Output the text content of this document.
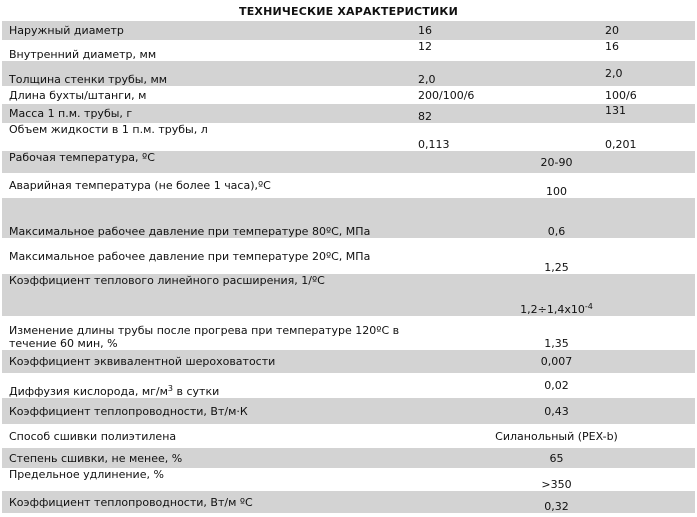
ТЕХНИЧЕСКИЕ ХАРАКТЕРИСТИКИ		
Наружный диаметр	16	20
Внутренний диаметр, мм	12	16
Толщина стенки трубы, мм	2,0	2,0
Длина бухты/штанги, м	200/100/6	100/6
Масса 1 п.м. трубы, г	82	131
Объем жидкости в 1 п.м. трубы, л	0,113	0,201
Рабочая температура, ºС	20-90	
Аварийная температура (не более 1 часа),ºС	100	
Максимальное рабочее давление при температуре 80ºС, МПа	0,6	
Максимальное рабочее давление при температуре 20ºС, МПа	1,25	
Коэффициент теплового линейного расширения, 1/ºС	$1,2\div 1,4x10^{-4}$
Изменение длины трубы после прогрева при температуре 120ºС в течение 60 мин, %	1,35	
Коэффициент эквивалентной шероховатости	0,007	
Диффузия кислорода, $мг/м^3$ в сутки	0,02	
Коэффициент теплопроводности, Вт/м·К	0,43	
Способ сшивки полиэтилена	Силанольный (PEX-b)	
Степень сшивки, не менее, %	65	
Предельное удлинение, %	>350	
Коэффициент теплопроводности, Вт/м ºС	0,32	
